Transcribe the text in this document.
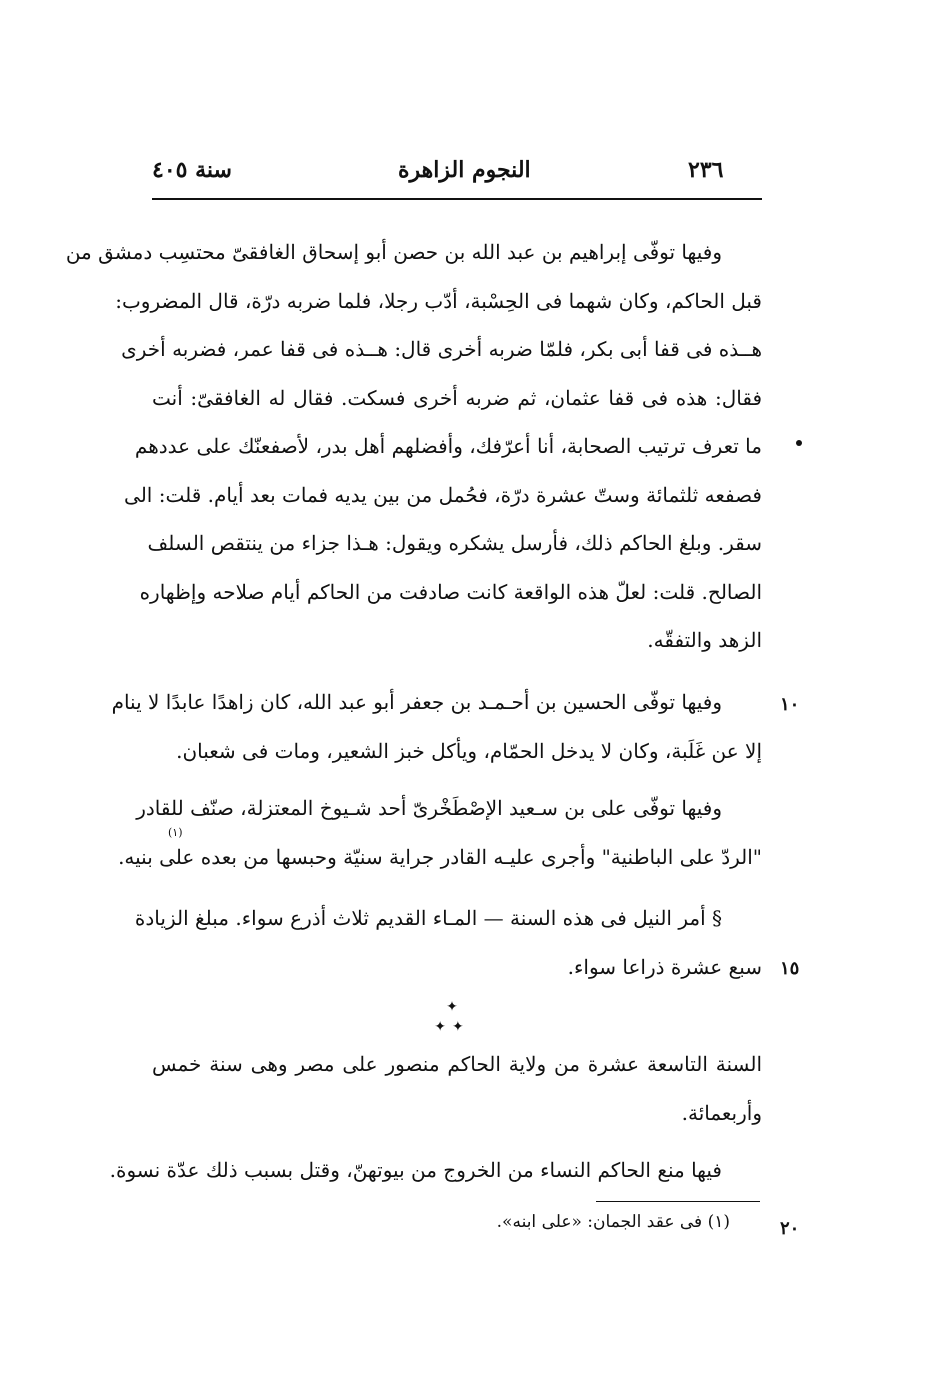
٢٣٦
النجوم الزاهرة
سنة ٤٠٥
وفيها توفّى إبراهيم بن عبد الله بن حصن أبو إسحاق الغافقىّ محتسِب دمشق من
قبل الحاكم، وكان شهما فى الحِسْبة، أدّب رجلا، فلما ضربه درّة، قال المضروب:
هــذه فى قفا أبى بكر، فلمّا ضربه أخرى قال: هــذه فى قفا عمر، فضربه أخرى
فقال: هذه فى قفا عثمان، ثم ضربه أخرى فسكت. فقال له الغافقىّ: أنت
ما تعرف ترتيب الصحابة، أنا أعرّفك، وأفضلهم أهل بدر، لأصفعنّك على عددهم
فصفعه ثلثمائة وستّ عشرة درّة، فحُمل من بين يديه فمات بعد أيام. قلت: الى
سقر. وبلغ الحاكم ذلك، فأرسل يشكره ويقول: هـذا جزاء من ينتقص السلف
الصالح. قلت: لعلّ هذه الواقعة كانت صادفت من الحاكم أيام صلاحه وإظهاره
الزهد والتفقّه.
وفيها توفّى الحسين بن أحـمـد بن جعفر أبو عبد الله، كان زاهدًا عابدًا لا ينام
إلا عن غَلَبة، وكان لا يدخل الحمّام، ويأكل خبز الشعير، ومات فى شعبان.
١٠
وفيها توفّى على بن سـعيد الإصْطَخْرىّ أحد شـيوخ المعتزلة، صنّف للقادر
"الردّ على الباطنية" وأجرى عليـه القادر جراية سنيّة وحبسها من بعده على بنيه.
(١)
§ أمر النيل فى هذه السنة — المـاء القديم ثلاث أذرع سواء. مبلغ الزيادة
سبع عشرة ذراعا سواء. ١٥
✦
✦✦
السنة التاسعة عشرة من ولاية الحاكم منصور على مصر وهى سنة خمس
وأربعمائة.
فيها منع الحاكم النساء من الخروج من بيوتهنّ، وقتل بسبب ذلك عدّة نسوة.
(١) فى عقد الجمان: «على ابنه».	٢٠
